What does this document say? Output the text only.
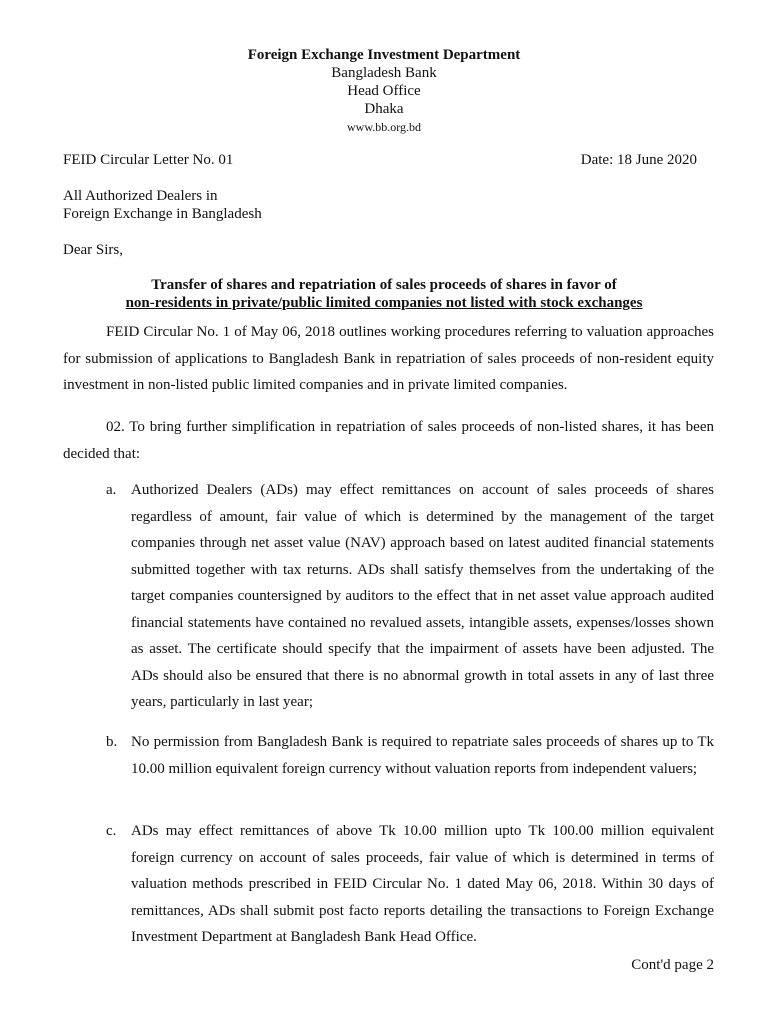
Foreign Exchange Investment Department
Bangladesh Bank
Head Office
Dhaka
www.bb.org.bd
FEID Circular Letter No. 01	Date: 18 June 2020
All Authorized Dealers in
Foreign Exchange in Bangladesh
Dear Sirs,
Transfer of shares and repatriation of sales proceeds of shares in favor of
non-residents in private/public limited companies not listed with stock exchanges
FEID Circular No. 1 of May 06, 2018 outlines working procedures referring to valuation approaches for submission of applications to Bangladesh Bank in repatriation of sales proceeds of non-resident equity investment in non-listed public limited companies and in private limited companies.
02. To bring further simplification in repatriation of sales proceeds of non-listed shares, it has been decided that:
a. Authorized Dealers (ADs) may effect remittances on account of sales proceeds of shares regardless of amount, fair value of which is determined by the management of the target companies through net asset value (NAV) approach based on latest audited financial statements submitted together with tax returns. ADs shall satisfy themselves from the undertaking of the target companies countersigned by auditors to the effect that in net asset value approach audited financial statements have contained no revalued assets, intangible assets, expenses/losses shown as asset. The certificate should specify that the impairment of assets have been adjusted. The ADs should also be ensured that there is no abnormal growth in total assets in any of last three years, particularly in last year;
b. No permission from Bangladesh Bank is required to repatriate sales proceeds of shares up to Tk 10.00 million equivalent foreign currency without valuation reports from independent valuers;
c. ADs may effect remittances of above Tk 10.00 million upto Tk 100.00 million equivalent foreign currency on account of sales proceeds, fair value of which is determined in terms of valuation methods prescribed in FEID Circular No. 1 dated May 06, 2018. Within 30 days of remittances, ADs shall submit post facto reports detailing the transactions to Foreign Exchange Investment Department at Bangladesh Bank Head Office.
Cont'd page 2
